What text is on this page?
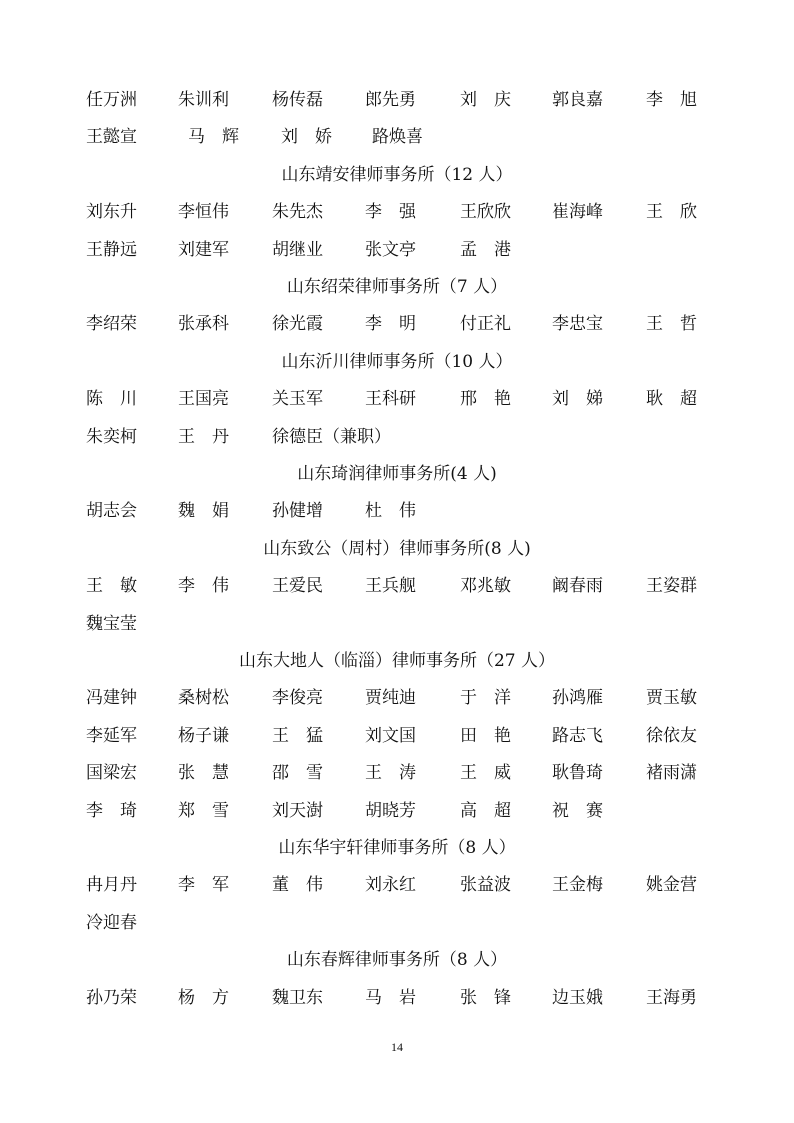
任万洲 朱训利	杨传磊 郎先勇	刘　庆 郭良嘉	李　旭
王懿宣	马　辉 刘　娇 路焕喜
山东靖安律师事务所（12 人）
刘东升 李恒伟	朱先杰 李　强	王欣欣 崔海峰	王　欣
王静远 刘建军	胡继业 张文亭	孟　港
山东绍荣律师事务所（7 人）
李绍荣 张承科	徐光霞 李　明	付正礼 李忠宝	王　哲
山东沂川律师事务所（10 人）
陈　川 王国亮	关玉军 王科研	邢　艳 刘　娣	耿　超
朱奕柯 王　丹	徐德臣（兼职）
山东琦润律师事务所(4 人)
胡志会 魏　娟	孙健增 杜　伟
山东致公（周村）律师事务所(8 人)
王　敏 李　伟	王爱民 王兵舰	邓兆敏 阚春雨	王姿群
魏宝莹
山东大地人（临淄）律师事务所（27 人）
冯建钟 桑树松	李俊亮 贾纯迪	于　洋 孙鸿雁	贾玉敏
李延军 杨子谦	王　猛 刘文国	田　艳 路志飞	徐依友
国梁宏 张　慧	邵　雪 王　涛	王　威 耿鲁琦	褚雨潇
李　琦 郑　雪	刘天澍 胡晓芳	高　超 祝　赛
山东华宇轩律师事务所（8 人）
冉月丹 李　军	董　伟 刘永红	张益波 王金梅	姚金营
冷迎春
山东春辉律师事务所（8 人）
孙乃荣 杨　方	魏卫东 马　岩	张　锋 边玉娥	王海勇
14
